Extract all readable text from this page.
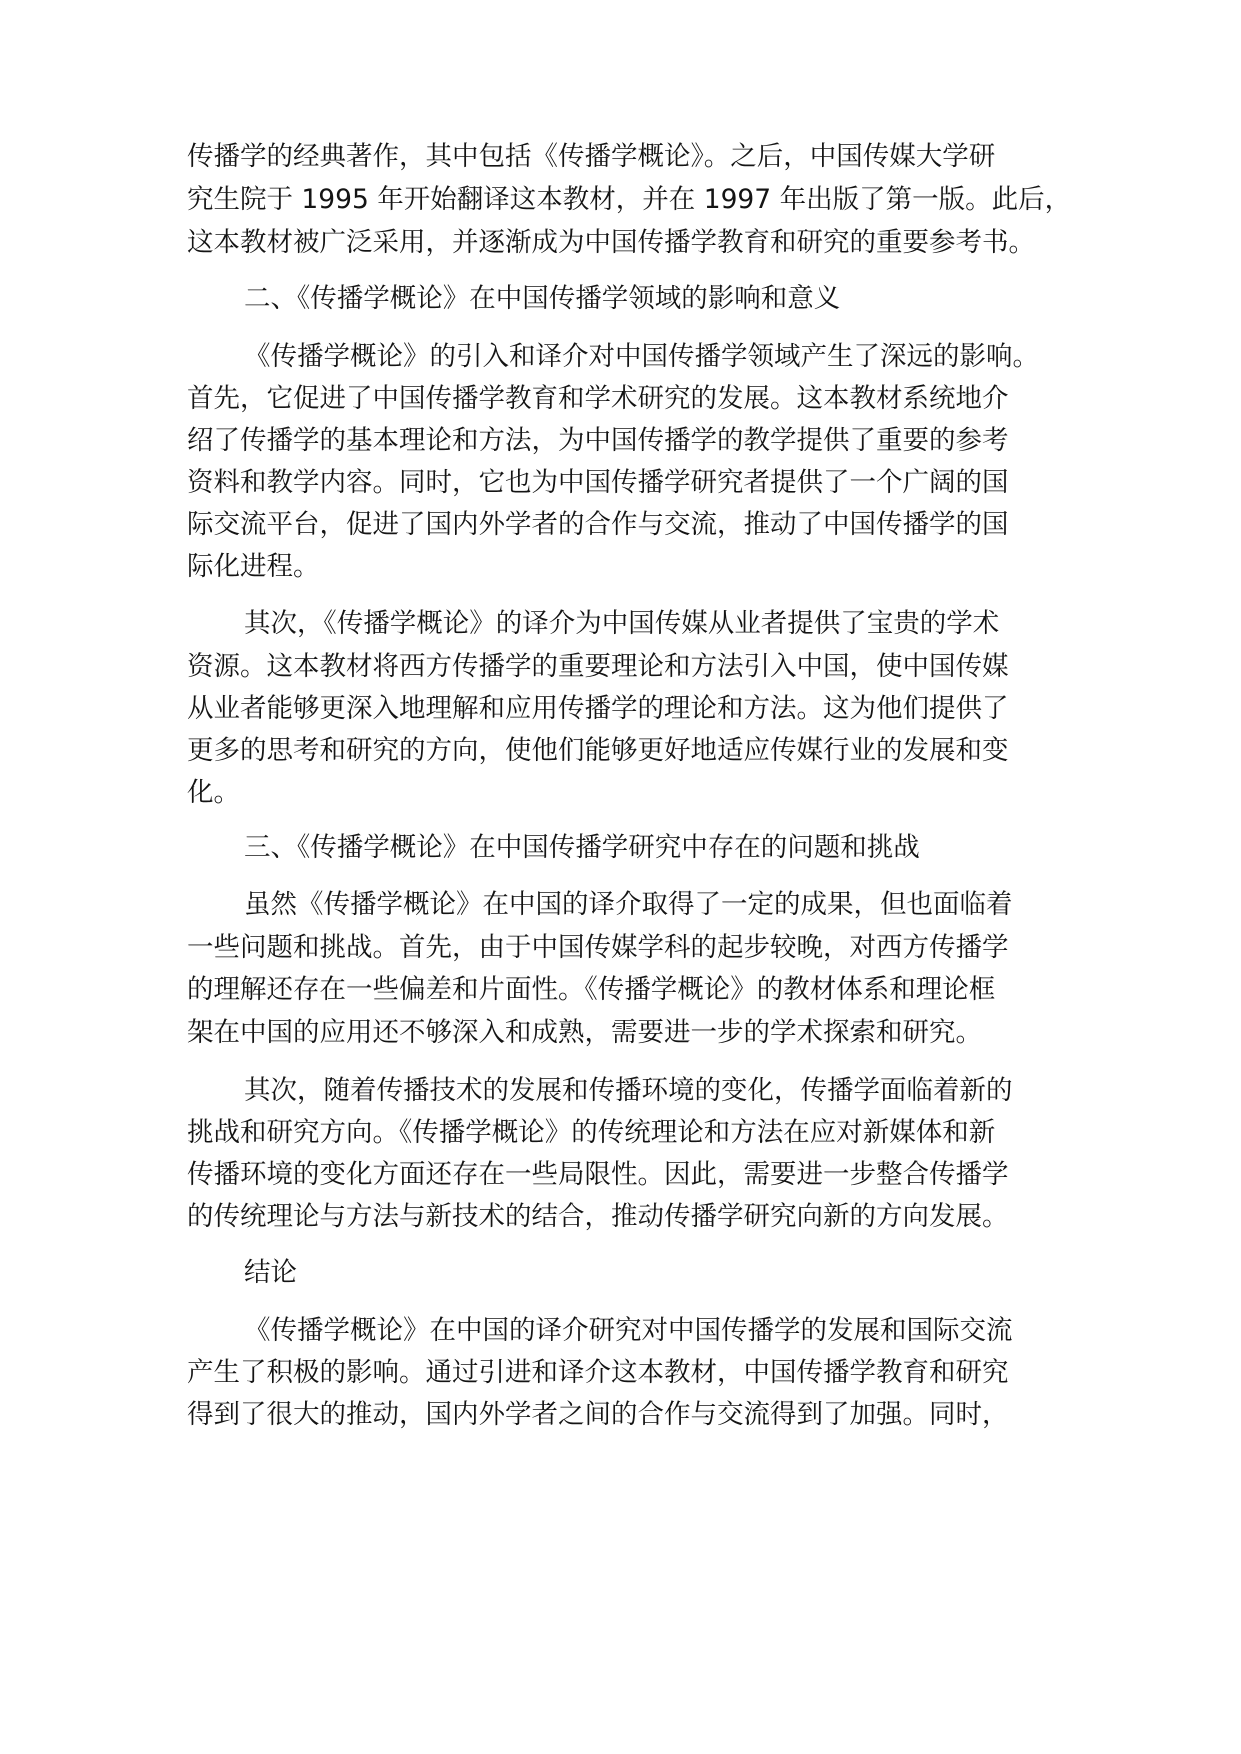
传播学的经典著作，其中包括《传播学概论》。之后，中国传媒大学研

究生院于 1995 年开始翻译这本教材，并在 1997 年出版了第一版。此后，

这本教材被广泛采用，并逐渐成为中国传播学教育和研究的重要参考书。

二、《传播学概论》在中国传播学领域的影响和意义

《传播学概论》的引入和译介对中国传播学领域产生了深远的影响。

首先，它促进了中国传播学教育和学术研究的发展。这本教材系统地介

绍了传播学的基本理论和方法，为中国传播学的教学提供了重要的参考

资料和教学内容。同时，它也为中国传播学研究者提供了一个广阔的国

际交流平台，促进了国内外学者的合作与交流，推动了中国传播学的国

际化进程。

其次，《传播学概论》的译介为中国传媒从业者提供了宝贵的学术

资源。这本教材将西方传播学的重要理论和方法引入中国，使中国传媒

从业者能够更深入地理解和应用传播学的理论和方法。这为他们提供了

更多的思考和研究的方向，使他们能够更好地适应传媒行业的发展和变

化。

三、《传播学概论》在中国传播学研究中存在的问题和挑战

虽然《传播学概论》在中国的译介取得了一定的成果，但也面临着

一些问题和挑战。首先，由于中国传媒学科的起步较晚，对西方传播学

的理解还存在一些偏差和片面性。《传播学概论》的教材体系和理论框

架在中国的应用还不够深入和成熟，需要进一步的学术探索和研究。

其次，随着传播技术的发展和传播环境的变化，传播学面临着新的

挑战和研究方向。《传播学概论》的传统理论和方法在应对新媒体和新

传播环境的变化方面还存在一些局限性。因此，需要进一步整合传播学

的传统理论与方法与新技术的结合，推动传播学研究向新的方向发展。

结论

《传播学概论》在中国的译介研究对中国传播学的发展和国际交流

产生了积极的影响。通过引进和译介这本教材，中国传播学教育和研究

得到了很大的推动，国内外学者之间的合作与交流得到了加强。同时，
